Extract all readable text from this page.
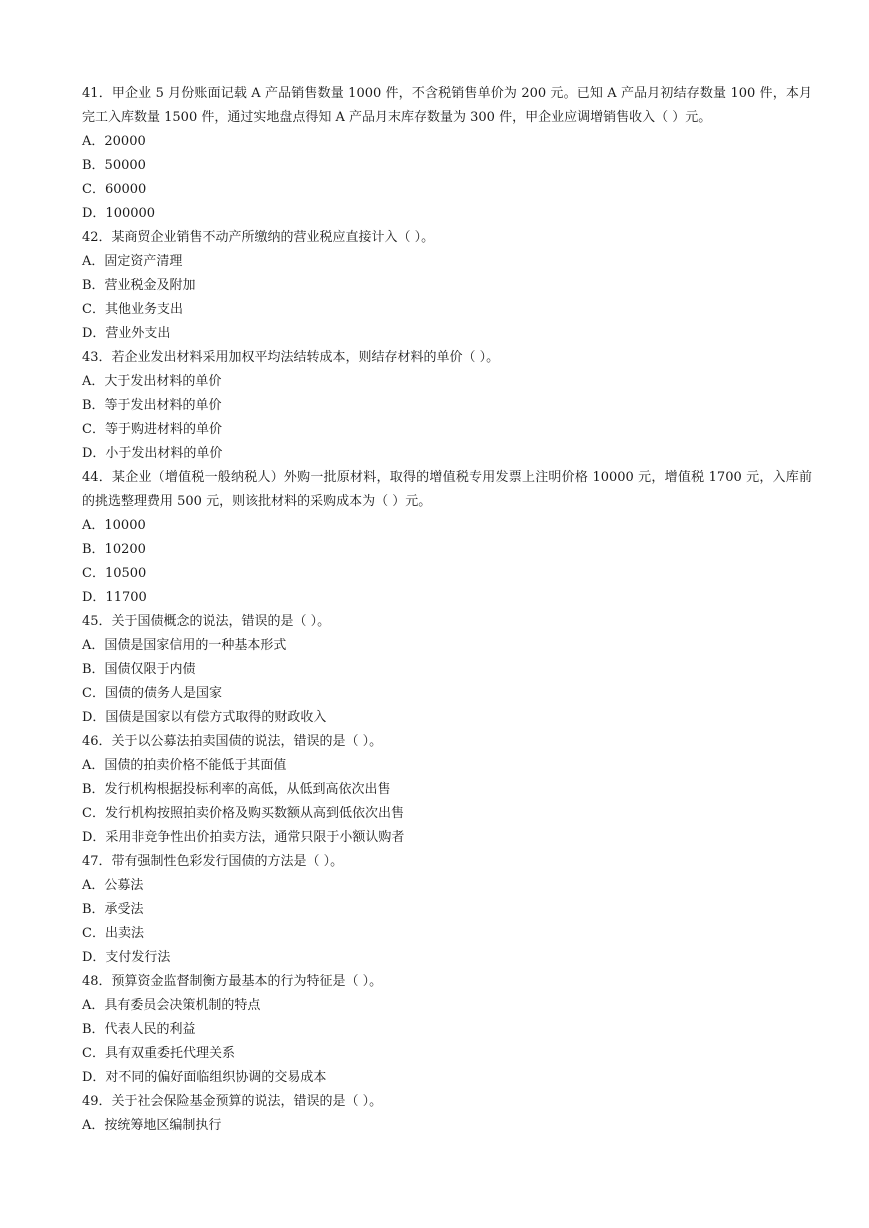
41．甲企业 5 月份账面记载 A 产品销售数量 1000 件，不含税销售单价为 200 元。已知 A 产品月初结存数量 100 件，本月完工入库数量 1500 件，通过实地盘点得知 A 产品月末库存数量为 300 件，甲企业应调增销售收入（ ）元。
A．20000
B．50000
C．60000
D．100000
42．某商贸企业销售不动产所缴纳的营业税应直接计入（ ）。
A．固定资产清理
B．营业税金及附加
C．其他业务支出
D．营业外支出
43．若企业发出材料采用加权平均法结转成本，则结存材料的单价（ ）。
A．大于发出材料的单价
B．等于发出材料的单价
C．等于购进材料的单价
D．小于发出材料的单价
44．某企业（增值税一般纳税人）外购一批原材料，取得的增值税专用发票上注明价格 10000 元，增值税 1700 元，入库前的挑选整理费用 500 元，则该批材料的采购成本为（ ）元。
A．10000
B．10200
C．10500
D．11700
45．关于国债概念的说法，错误的是（ ）。
A．国债是国家信用的一种基本形式
B．国债仅限于内债
C．国债的债务人是国家
D．国债是国家以有偿方式取得的财政收入
46．关于以公募法拍卖国债的说法，错误的是（ ）。
A．国债的拍卖价格不能低于其面值
B．发行机构根据投标利率的高低，从低到高依次出售
C．发行机构按照拍卖价格及购买数额从高到低依次出售
D．采用非竞争性出价拍卖方法，通常只限于小额认购者
47．带有强制性色彩发行国债的方法是（ ）。
A．公募法
B．承受法
C．出卖法
D．支付发行法
48．预算资金监督制衡方最基本的行为特征是（ ）。
A．具有委员会决策机制的特点
B．代表人民的利益
C．具有双重委托代理关系
D．对不同的偏好面临组织协调的交易成本
49．关于社会保险基金预算的说法，错误的是（ ）。
A．按统筹地区编制执行
